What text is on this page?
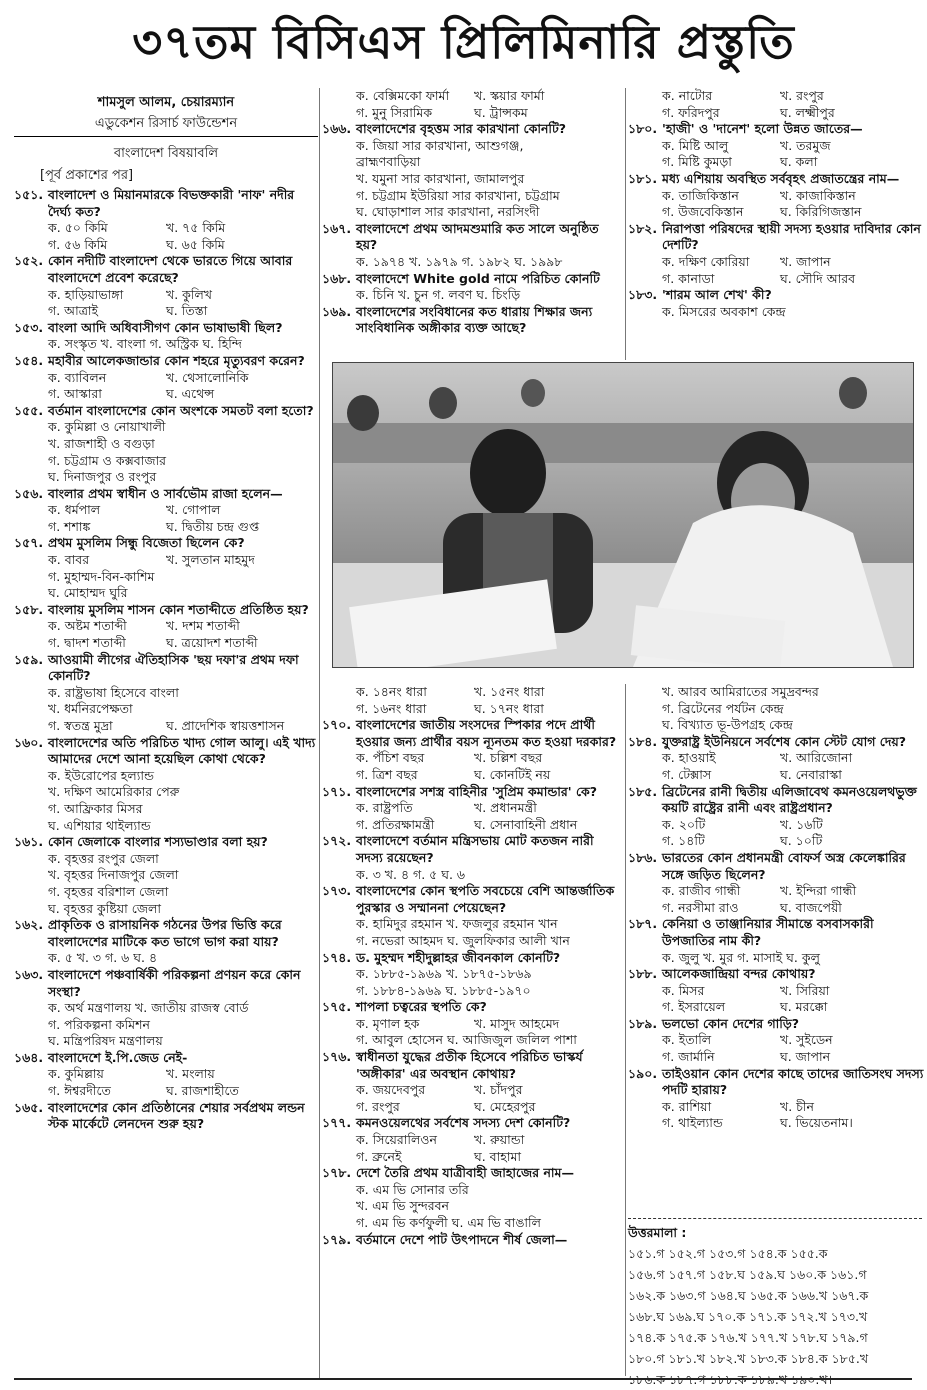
৩৭তম বিসিএস প্রিলিমিনারি প্রস্তুতি
শামসুল আলম, চেয়ারম্যান
এডুকেশন রিসার্চ ফাউন্ডেশন
বাংলাদেশ বিষয়াবলি
[পূর্ব প্রকাশের পর]
১৫১. বাংলাদেশ ও মিয়ানমারকে বিভক্তকারী 'নাফ' নদীর দৈর্ঘ্য কত?
ক. ৫০ কিমি	খ. ৭৫ কিমি
গ. ৫৬ কিমি	ঘ. ৬৫ কিমি
১৫২. কোন নদীটি বাংলাদেশ থেকে ভারতে গিয়ে আবার বাংলাদেশে প্রবেশ করেছে?
ক. হাড়িয়াভাঙ্গা	খ. কুলিখ
গ. আত্রাই	ঘ. তিস্তা
১৫৩. বাংলা আদি অধিবাসীগণ কোন ভাষাভাষী ছিল?
ক. সংস্কৃত খ. বাংলা গ. অস্ট্রিক ঘ. হিন্দি
১৫৪. মহাবীর আলেকজান্ডার কোন শহরে মৃত্যুবরণ করেন?
ক. ব্যাবিলন	খ. থেসালোনিকি
গ. আস্কারা	ঘ. এথেন্স
১৫৫. বর্তমান বাংলাদেশের কোন অংশকে সমতট বলা হতো?
ক. কুমিল্লা ও নোয়াখালী
খ. রাজশাহী ও বগুড়া
গ. চট্টগ্রাম ও কক্সবাজার
ঘ. দিনাজপুর ও রংপুর
১৫৬. বাংলার প্রথম স্বাধীন ও সার্বভৌম রাজা হলেন—
ক. ধর্মপাল	খ. গোপাল
গ. শশাঙ্ক	ঘ. দ্বিতীয় চন্দ্র গুপ্ত
১৫৭. প্রথম মুসলিম সিন্ধু বিজেতা ছিলেন কে?
ক. বাবর	খ. সুলতান মাহমুদ
গ. মুহাম্মদ-বিন-কাশিম
ঘ. মোহাম্মদ ঘুরি
১৫৮. বাংলায় মুসলিম শাসন কোন শতাব্দীতে প্রতিষ্ঠিত হয়?
ক. অষ্টম শতাব্দী	খ. দশম শতাব্দী
গ. দ্বাদশ শতাব্দী	ঘ. ত্রয়োদশ শতাব্দী
১৫৯. আওয়ামী লীগের ঐতিহাসিক 'ছয় দফা'র প্রথম দফা কোনটি?
ক. রাষ্ট্রভাষা হিসেবে বাংলা
খ. ধর্মনিরপেক্ষতা
গ. স্বতন্ত্র মুদ্রা	ঘ. প্রাদেশিক স্বায়ত্তশাসন
১৬০. বাংলাদেশের অতি পরিচিত খাদ্য গোল আলু। এই খাদ্য আমাদের দেশে আনা হয়েছিল কোথা থেকে?
ক. ইউরোপের হল্যান্ড
খ. দক্ষিণ আমেরিকার পেরু
গ. আফ্রিকার মিসর
ঘ. এশিয়ার থাইল্যান্ড
১৬১. কোন জেলাকে বাংলার শস্যভাণ্ডার বলা হয়?
ক. বৃহত্তর রংপুর জেলা
খ. বৃহত্তর দিনাজপুর জেলা
গ. বৃহত্তর বরিশাল জেলা
ঘ. বৃহত্তর কুষ্টিয়া জেলা
১৬২. প্রাকৃতিক ও রাসায়নিক গঠনের উপর ভিত্তি করে বাংলাদেশের মাটিকে কত ভাগে ভাগ করা যায়?
ক. ৫ খ. ৩ গ. ৬ ঘ. ৪
১৬৩. বাংলাদেশে পঞ্চবার্ষিকী পরিকল্পনা প্রণয়ন করে কোন সংস্থা?
ক. অর্থ মন্ত্রণালয় খ. জাতীয় রাজস্ব বোর্ড
গ. পরিকল্পনা কমিশন
ঘ. মন্ত্রিপরিষদ মন্ত্রণালয়
১৬৪. বাংলাদেশে ই.পি.জেড নেই-
ক. কুমিল্লায়	খ. মংলায়
গ. ঈশ্বরদীতে	ঘ. রাজশাহীতে
১৬৫. বাংলাদেশের কোন প্রতিষ্ঠানের শেয়ার সর্বপ্রথম লন্ডন স্টক মার্কেটে লেনদেন শুরু হয়?
ক. বেক্সিমকো ফার্মা খ. স্কয়ার ফার্মা
গ. মুনু সিরামিক	ঘ. ট্রান্সকম
১৬৬. বাংলাদেশের বৃহত্তম সার কারখানা কোনটি?
ক. জিয়া সার কারখানা, আশুগঞ্জ,
ব্রাহ্মণবাড়িয়া
খ. যমুনা সার কারখানা, জামালপুর
গ. চট্টগ্রাম ইউরিয়া সার কারখানা, চট্টগ্রাম
ঘ. ঘোড়াশাল সার কারখানা, নরসিংদী
১৬৭. বাংলাদেশে প্রথম আদমশুমারি কত সালে অনুষ্ঠিত হয়?
ক. ১৯৭৪ খ. ১৯৭৯ গ. ১৯৮২ ঘ. ১৯৯৮
১৬৮. বাংলাদেশে White gold নামে পরিচিত কোনটি
ক. চিনি খ. চুন গ. লবণ ঘ. চিংড়ি
১৬৯. বাংলাদেশের সংবিধানের কত ধারায় শিক্ষার জন্য সাংবিধানিক অঙ্গীকার ব্যক্ত আছে?
ক. ১৪নং ধারা	খ. ১৫নং ধারা
গ. ১৬নং ধারা	ঘ. ১৭নং ধারা
১৭০. বাংলাদেশের জাতীয় সংসদের স্পিকার পদে প্রার্থী হওয়ার জন্য প্রার্থীর বয়স ন্যূনতম কত হওয়া দরকার?
ক. পঁচিশ বছর	খ. চল্লিশ বছর
গ. ত্রিশ বছর	ঘ. কোনটিই নয়
১৭১. বাংলাদেশের সশস্ত্র বাহিনীর 'সুপ্রিম কমান্ডার' কে?
ক. রাষ্ট্রপতি	খ. প্রধানমন্ত্রী
গ. প্রতিরক্ষামন্ত্রী	ঘ. সেনাবাহিনী প্রধান
১৭২. বাংলাদেশে বর্তমান মন্ত্রিসভায় মোট কতজন নারী সদস্য রয়েছেন?
ক. ৩ খ. ৪ গ. ৫ ঘ. ৬
১৭৩. বাংলাদেশের কোন স্থপতি সবচেয়ে বেশি আন্তর্জাতিক পুরস্কার ও সম্মাননা পেয়েছেন?
ক. হামিদুর রহমান খ. ফজলুর রহমান খান
গ. নভেরা আহমদ ঘ. জুলফিকার আলী খান
১৭৪. ড. মুহম্মদ শহীদুল্লাহর জীবনকাল কোনটি?
ক. ১৮৮৫-১৯৬৯ খ. ১৮৭৫-১৮৬৯
গ. ১৮৮৪-১৯৬৯ ঘ. ১৮৮৫-১৯৭০
১৭৫. শাপলা চত্বরের স্থপতি কে?
ক. মৃণাল হক	খ. মাসুদ আহমেদ
গ. আবুল হোসেন ঘ. আজিজুল জলিল পাশা
১৭৬. স্বাধীনতা যুদ্ধের প্রতীক হিসেবে পরিচিত ভাস্কর্য 'অঙ্গীকার' এর অবস্থান কোথায়?
ক. জয়দেবপুর	খ. চাঁদপুর
গ. রংপুর	ঘ. মেহেরপুর
১৭৭. কমনওয়েলথের সর্বশেষ সদস্য দেশ কোনটি?
ক. সিয়েরালিওন	খ. রুয়ান্ডা
গ. ব্রুনেই	ঘ. বাহামা
১৭৮. দেশে তৈরি প্রথম যাত্রীবাহী জাহাজের নাম—
ক. এম ভি সোনার তরি
খ. এম ভি সুন্দরবন
গ. এম ভি কর্ণফুলী ঘ. এম ভি বাঙালি
১৭৯. বর্তমানে দেশে পাট উৎপাদনে শীর্ষ জেলা—
ক. নাটোর	খ. রংপুর
গ. ফরিদপুর	ঘ. লক্ষ্মীপুর
১৮০. 'হাজী' ও 'দানেশ' হলো উন্নত জাতের—
ক. মিষ্টি আলু	খ. তরমুজ
গ. মিষ্টি কুমড়া	ঘ. কলা
১৮১. মধ্য এশিয়ায় অবস্থিত সর্ববৃহৎ প্রজাতন্ত্রের নাম—
ক. তাজিকিস্তান	খ. কাজাকিস্তান
গ. উজবেকিস্তান	ঘ. কিরিগিজস্তান
১৮২. নিরাপত্তা পরিষদের স্থায়ী সদস্য হওয়ার দাবিদার কোন দেশটি?
ক. দক্ষিণ কোরিয়া খ. জাপান
গ. কানাডা	ঘ. সৌদি আরব
১৮৩. 'শারম আল শেখ' কী?
ক. মিসরের অবকাশ কেন্দ্র
খ. আরব আমিরাতের সমুদ্রবন্দর
গ. ব্রিটেনের পর্যটন কেন্দ্র
ঘ. বিখ্যাত ভূ-উপগ্রহ কেন্দ্র
১৮৪. যুক্তরাষ্ট্র ইউনিয়নে সর্বশেষ কোন স্টেট যোগ দেয়?
ক. হাওয়াই	খ. আরিজোনা
গ. টেক্সাস	ঘ. নেবারাস্কা
১৮৫. ব্রিটেনের রানী দ্বিতীয় এলিজাবেথ কমনওয়েলথভুক্ত কয়টি রাষ্ট্রের রানী এবং রাষ্ট্রপ্রধান?
ক. ২০টি	খ. ১৬টি
গ. ১৪টি	ঘ. ১০টি
১৮৬. ভারতের কোন প্রধানমন্ত্রী বোফর্স অস্ত্র কেলেঙ্কারির সঙ্গে জড়িত ছিলেন?
ক. রাজীব গান্ধী	খ. ইন্দিরা গান্ধী
গ. নরসীমা রাও	ঘ. বাজপেয়ী
১৮৭. কেনিয়া ও তাঞ্জানিয়ার সীমান্তে বসবাসকারী উপজাতির নাম কী?
ক. জুলু খ. মুর গ. মাসাই ঘ. কুলু
১৮৮. আলেকজান্দ্রিয়া বন্দর কোথায়?
ক. মিসর	খ. সিরিয়া
গ. ইসরায়েল	ঘ. মরক্কো
১৮৯. ভলভো কোন দেশের গাড়ি?
ক. ইতালি	খ. সুইডেন
গ. জার্মানি	ঘ. জাপান
১৯০. তাইওয়ান কোন দেশের কাছে তাদের জাতিসংঘ সদস্য পদটি হারায়?
ক. রাশিয়া	খ. চীন
গ. থাইল্যান্ড	ঘ. ভিয়েতনাম।
উত্তরমালা :
১৫১.গ ১৫২.গ ১৫৩.গ ১৫৪.ক ১৫৫.ক
১৫৬.গ ১৫৭.গ ১৫৮.ঘ ১৫৯.ঘ ১৬০.ক ১৬১.গ
১৬২.ক ১৬৩.গ ১৬৪.ঘ ১৬৫.ক ১৬৬.খ ১৬৭.ক
১৬৮.ঘ ১৬৯.ঘ ১৭০.ক ১৭১.ক ১৭২.খ ১৭৩.খ
১৭৪.ক ১৭৫.ক ১৭৬.খ ১৭৭.খ ১৭৮.ঘ ১৭৯.গ
১৮০.গ ১৮১.খ ১৮২.খ ১৮৩.ক ১৮৪.ক ১৮৫.খ
